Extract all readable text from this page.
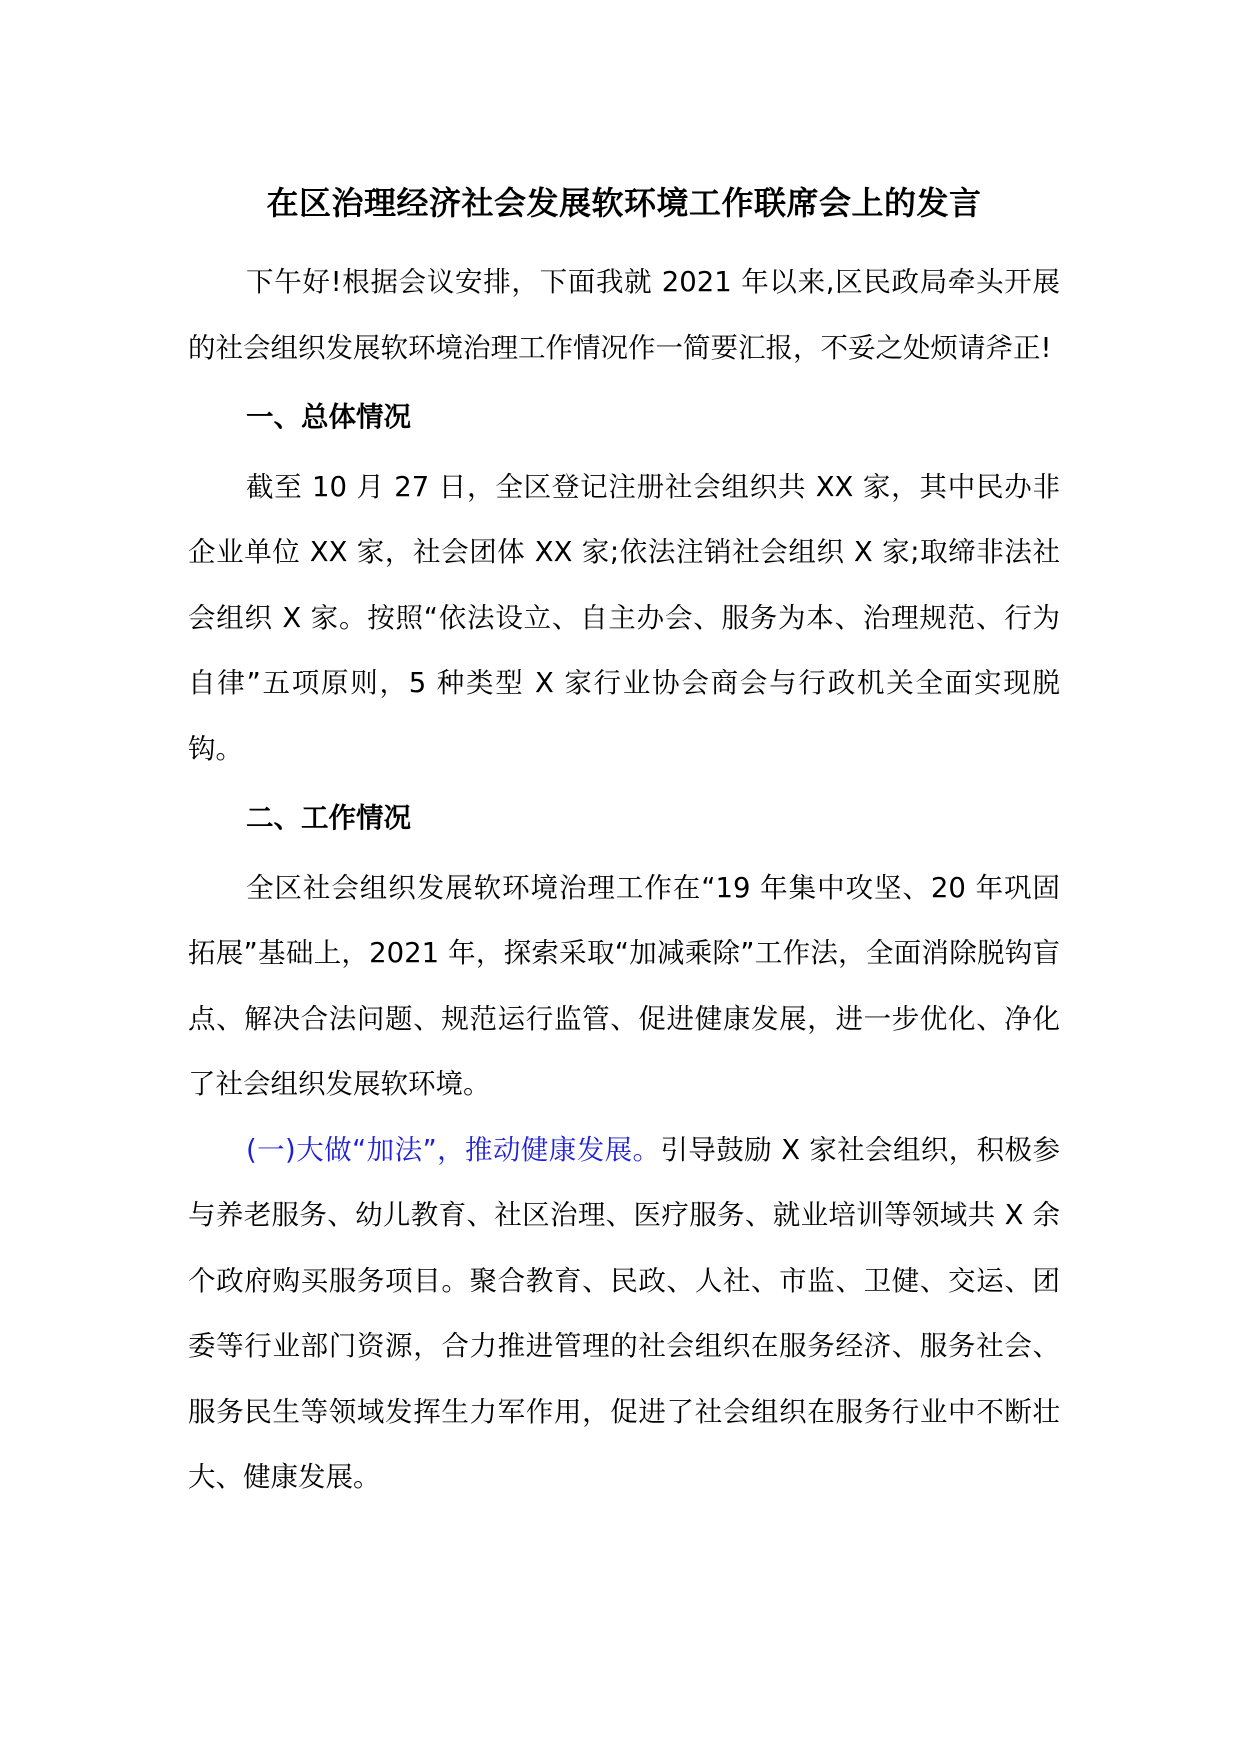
在区治理经济社会发展软环境工作联席会上的发言

下午好!根据会议安排，下面我就 2021 年以来,区民政局牵头开展的社会组织发展软环境治理工作情况作一简要汇报，不妥之处烦请斧正!

一、总体情况

截至 10 月 27 日，全区登记注册社会组织共 XX 家，其中民办非企业单位 XX 家，社会团体 XX 家;依法注销社会组织 X 家;取缔非法社会组织 X 家。按照“依法设立、自主办会、服务为本、治理规范、行为自律”五项原则，5 种类型 X 家行业协会商会与行政机关全面实现脱钩。

二、工作情况

全区社会组织发展软环境治理工作在“19 年集中攻坚、20 年巩固拓展”基础上，2021 年，探索采取“加减乘除”工作法，全面消除脱钩盲点、解决合法问题、规范运行监管、促进健康发展，进一步优化、净化了社会组织发展软环境。

(一)大做“加法”，推动健康发展。引导鼓励 X 家社会组织，积极参与养老服务、幼儿教育、社区治理、医疗服务、就业培训等领域共 X 余个政府购买服务项目。聚合教育、民政、人社、市监、卫健、交运、团委等行业部门资源，合力推进管理的社会组织在服务经济、服务社会、服务民生等领域发挥生力军作用，促进了社会组织在服务行业中不断壮大、健康发展。
